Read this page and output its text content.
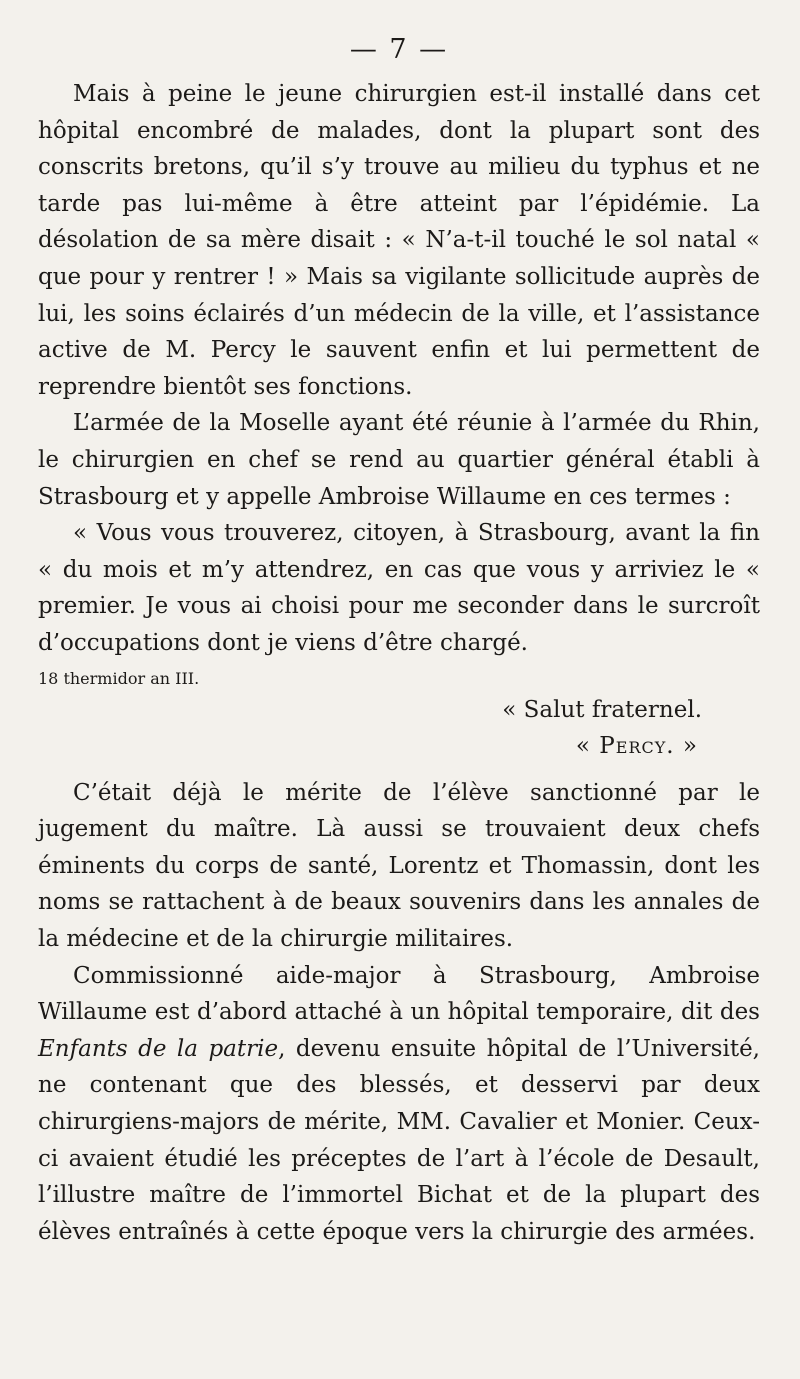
— 7 —

Mais à peine le jeune chirurgien est-il installé dans cet hôpital encombré de malades, dont la plupart sont des conscrits bretons, qu’il s’y trouve au milieu du typhus et ne tarde pas lui-même à être atteint par l’épidémie. La désolation de sa mère disait : « N’a-t-il touché le sol natal « que pour y rentrer ! » Mais sa vigilante sollicitude auprès de lui, les soins éclairés d’un médecin de la ville, et l’assistance active de M. Percy le sauvent enfin et lui permettent de reprendre bientôt ses fonctions.

L’armée de la Moselle ayant été réunie à l’armée du Rhin, le chirurgien en chef se rend au quartier général établi à Strasbourg et y appelle Ambroise Willaume en ces termes :

« Vous vous trouverez, citoyen, à Strasbourg, avant la fin « du mois et m’y attendrez, en cas que vous y arriviez le « premier. Je vous ai choisi pour me seconder dans le surcroît d’occupations dont je viens d’être chargé.

18 thermidor an III.

« Salut fraternel.

« Percy. »

C’était déjà le mérite de l’élève sanctionné par le jugement du maître. Là aussi se trouvaient deux chefs éminents du corps de santé, Lorentz et Thomassin, dont les noms se rattachent à de beaux souvenirs dans les annales de la médecine et de la chirurgie militaires.

Commissionné aide-major à Strasbourg, Ambroise Willaume est d’abord attaché à un hôpital temporaire, dit des Enfants de la patrie, devenu ensuite hôpital de l’Université, ne contenant que des blessés, et desservi par deux chirurgiens-majors de mérite, MM. Cavalier et Monier. Ceux-ci avaient étudié les préceptes de l’art à l’école de Desault, l’illustre maître de l’immortel Bichat et de la plupart des élèves entraînés à cette époque vers la chirurgie des armées.
